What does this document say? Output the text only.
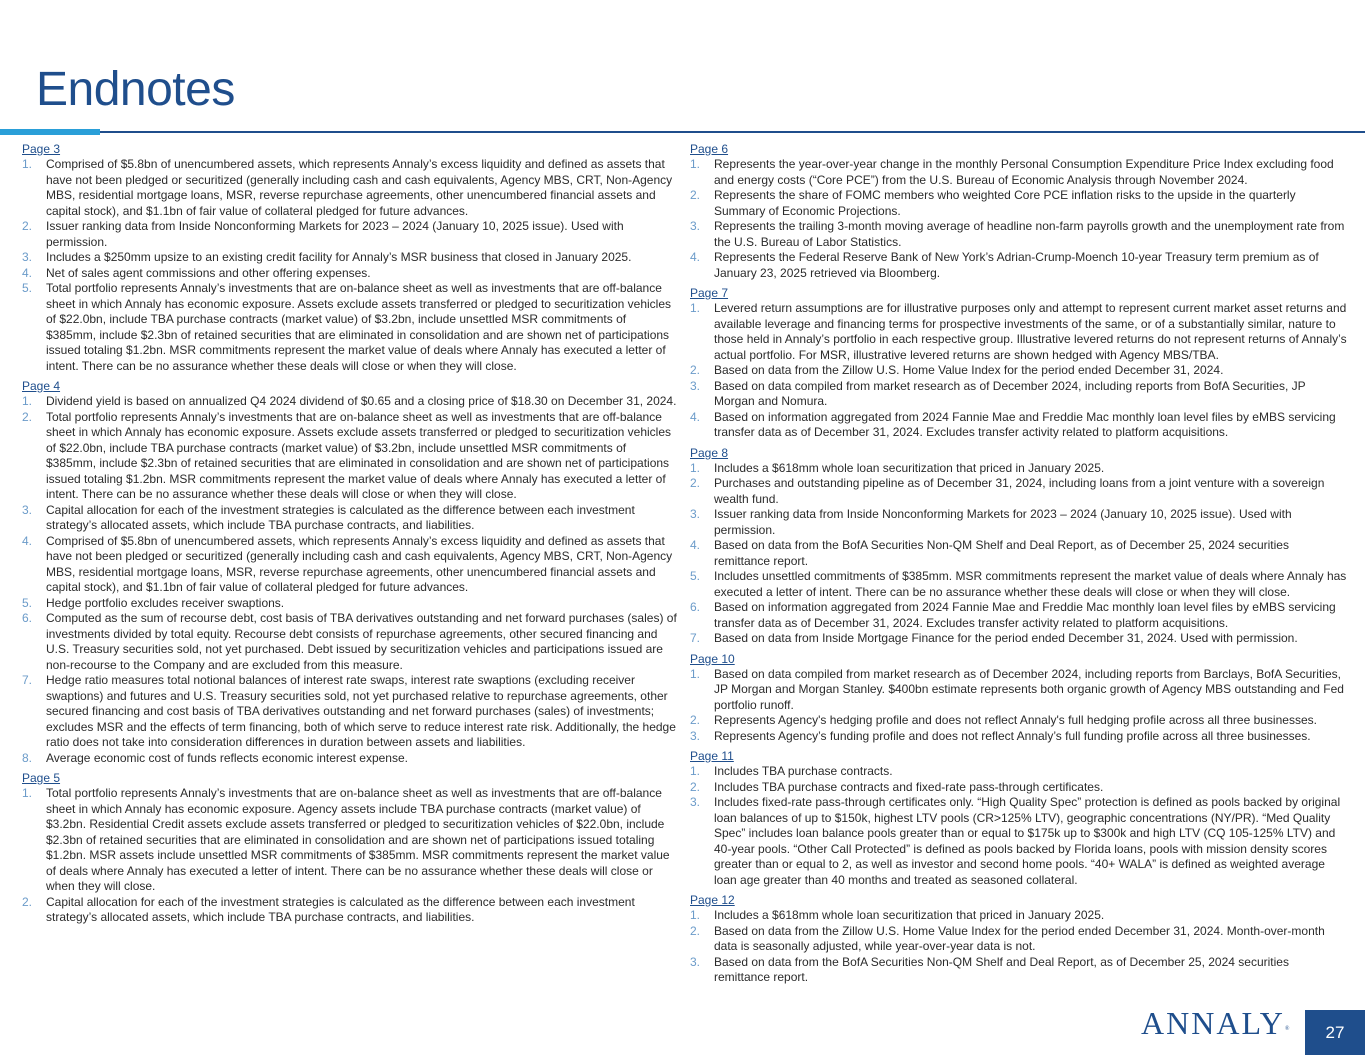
Endnotes
Page 3
1. Comprised of $5.8bn of unencumbered assets, which represents Annaly’s excess liquidity and defined as assets that have not been pledged or securitized (generally including cash and cash equivalents, Agency MBS, CRT, Non-Agency MBS, residential mortgage loans, MSR, reverse repurchase agreements, other unencumbered financial assets and capital stock), and $1.1bn of fair value of collateral pledged for future advances.
2. Issuer ranking data from Inside Nonconforming Markets for 2023 – 2024 (January 10, 2025 issue). Used with permission.
3. Includes a $250mm upsize to an existing credit facility for Annaly’s MSR business that closed in January 2025.
4. Net of sales agent commissions and other offering expenses.
5. Total portfolio represents Annaly’s investments that are on-balance sheet as well as investments that are off-balance sheet in which Annaly has economic exposure. Assets exclude assets transferred or pledged to securitization vehicles of $22.0bn, include TBA purchase contracts (market value) of $3.2bn, include unsettled MSR commitments of $385mm, include $2.3bn of retained securities that are eliminated in consolidation and are shown net of participations issued totaling $1.2bn. MSR commitments represent the market value of deals where Annaly has executed a letter of intent. There can be no assurance whether these deals will close or when they will close.
Page 4
1. Dividend yield is based on annualized Q4 2024 dividend of $0.65 and a closing price of $18.30 on December 31, 2024.
2. Total portfolio represents Annaly’s investments that are on-balance sheet as well as investments that are off-balance sheet in which Annaly has economic exposure. Assets exclude assets transferred or pledged to securitization vehicles of $22.0bn, include TBA purchase contracts (market value) of $3.2bn, include unsettled MSR commitments of $385mm, include $2.3bn of retained securities that are eliminated in consolidation and are shown net of participations issued totaling $1.2bn. MSR commitments represent the market value of deals where Annaly has executed a letter of intent. There can be no assurance whether these deals will close or when they will close.
3. Capital allocation for each of the investment strategies is calculated as the difference between each investment strategy’s allocated assets, which include TBA purchase contracts, and liabilities.
4. Comprised of $5.8bn of unencumbered assets, which represents Annaly’s excess liquidity and defined as assets that have not been pledged or securitized (generally including cash and cash equivalents, Agency MBS, CRT, Non-Agency MBS, residential mortgage loans, MSR, reverse repurchase agreements, other unencumbered financial assets and capital stock), and $1.1bn of fair value of collateral pledged for future advances.
5. Hedge portfolio excludes receiver swaptions.
6. Computed as the sum of recourse debt, cost basis of TBA derivatives outstanding and net forward purchases (sales) of investments divided by total equity. Recourse debt consists of repurchase agreements, other secured financing and U.S. Treasury securities sold, not yet purchased. Debt issued by securitization vehicles and participations issued are non-recourse to the Company and are excluded from this measure.
7. Hedge ratio measures total notional balances of interest rate swaps, interest rate swaptions (excluding receiver swaptions) and futures and U.S. Treasury securities sold, not yet purchased relative to repurchase agreements, other secured financing and cost basis of TBA derivatives outstanding and net forward purchases (sales) of investments; excludes MSR and the effects of term financing, both of which serve to reduce interest rate risk. Additionally, the hedge ratio does not take into consideration differences in duration between assets and liabilities.
8. Average economic cost of funds reflects economic interest expense.
Page 5
1. Total portfolio represents Annaly’s investments that are on-balance sheet as well as investments that are off-balance sheet in which Annaly has economic exposure. Agency assets include TBA purchase contracts (market value) of $3.2bn. Residential Credit assets exclude assets transferred or pledged to securitization vehicles of $22.0bn, include $2.3bn of retained securities that are eliminated in consolidation and are shown net of participations issued totaling $1.2bn. MSR assets include unsettled MSR commitments of $385mm. MSR commitments represent the market value of deals where Annaly has executed a letter of intent. There can be no assurance whether these deals will close or when they will close.
2. Capital allocation for each of the investment strategies is calculated as the difference between each investment strategy’s allocated assets, which include TBA purchase contracts, and liabilities.
Page 6
1. Represents the year-over-year change in the monthly Personal Consumption Expenditure Price Index excluding food and energy costs (“Core PCE”) from the U.S. Bureau of Economic Analysis through November 2024.
2. Represents the share of FOMC members who weighted Core PCE inflation risks to the upside in the quarterly Summary of Economic Projections.
3. Represents the trailing 3-month moving average of headline non-farm payrolls growth and the unemployment rate from the U.S. Bureau of Labor Statistics.
4. Represents the Federal Reserve Bank of New York’s Adrian-Crump-Moench 10-year Treasury term premium as of January 23, 2025 retrieved via Bloomberg.
Page 7
1. Levered return assumptions are for illustrative purposes only and attempt to represent current market asset returns and available leverage and financing terms for prospective investments of the same, or of a substantially similar, nature to those held in Annaly’s portfolio in each respective group. Illustrative levered returns do not represent returns of Annaly’s actual portfolio. For MSR, illustrative levered returns are shown hedged with Agency MBS/TBA.
2. Based on data from the Zillow U.S. Home Value Index for the period ended December 31, 2024.
3. Based on data compiled from market research as of December 2024, including reports from BofA Securities, JP Morgan and Nomura.
4. Based on information aggregated from 2024 Fannie Mae and Freddie Mac monthly loan level files by eMBS servicing transfer data as of December 31, 2024. Excludes transfer activity related to platform acquisitions.
Page 8
1. Includes a $618mm whole loan securitization that priced in January 2025.
2. Purchases and outstanding pipeline as of December 31, 2024, including loans from a joint venture with a sovereign wealth fund.
3. Issuer ranking data from Inside Nonconforming Markets for 2023 – 2024 (January 10, 2025 issue). Used with permission.
4. Based on data from the BofA Securities Non-QM Shelf and Deal Report, as of December 25, 2024 securities remittance report.
5. Includes unsettled commitments of $385mm. MSR commitments represent the market value of deals where Annaly has executed a letter of intent. There can be no assurance whether these deals will close or when they will close.
6. Based on information aggregated from 2024 Fannie Mae and Freddie Mac monthly loan level files by eMBS servicing transfer data as of December 31, 2024. Excludes transfer activity related to platform acquisitions.
7. Based on data from Inside Mortgage Finance for the period ended December 31, 2024. Used with permission.
Page 10
1. Based on data compiled from market research as of December 2024, including reports from Barclays, BofA Securities, JP Morgan and Morgan Stanley. $400bn estimate represents both organic growth of Agency MBS outstanding and Fed portfolio runoff.
2. Represents Agency's hedging profile and does not reflect Annaly's full hedging profile across all three businesses.
3. Represents Agency’s funding profile and does not reflect Annaly’s full funding profile across all three businesses.
Page 11
1. Includes TBA purchase contracts.
2. Includes TBA purchase contracts and fixed-rate pass-through certificates.
3. Includes fixed-rate pass-through certificates only. “High Quality Spec” protection is defined as pools backed by original loan balances of up to $150k, highest LTV pools (CR>125% LTV), geographic concentrations (NY/PR). “Med Quality Spec” includes loan balance pools greater than or equal to $175k up to $300k and high LTV (CQ 105-125% LTV) and 40-year pools. “Other Call Protected” is defined as pools backed by Florida loans, pools with mission density scores greater than or equal to 2, as well as investor and second home pools. “40+ WALA” is defined as weighted average loan age greater than 40 months and treated as seasoned collateral.
Page 12
1. Includes a $618mm whole loan securitization that priced in January 2025.
2. Based on data from the Zillow U.S. Home Value Index for the period ended December 31, 2024. Month-over-month data is seasonally adjusted, while year-over-year data is not.
3. Based on data from the BofA Securities Non-QM Shelf and Deal Report, as of December 25, 2024 securities remittance report.
ANNALY®	27
